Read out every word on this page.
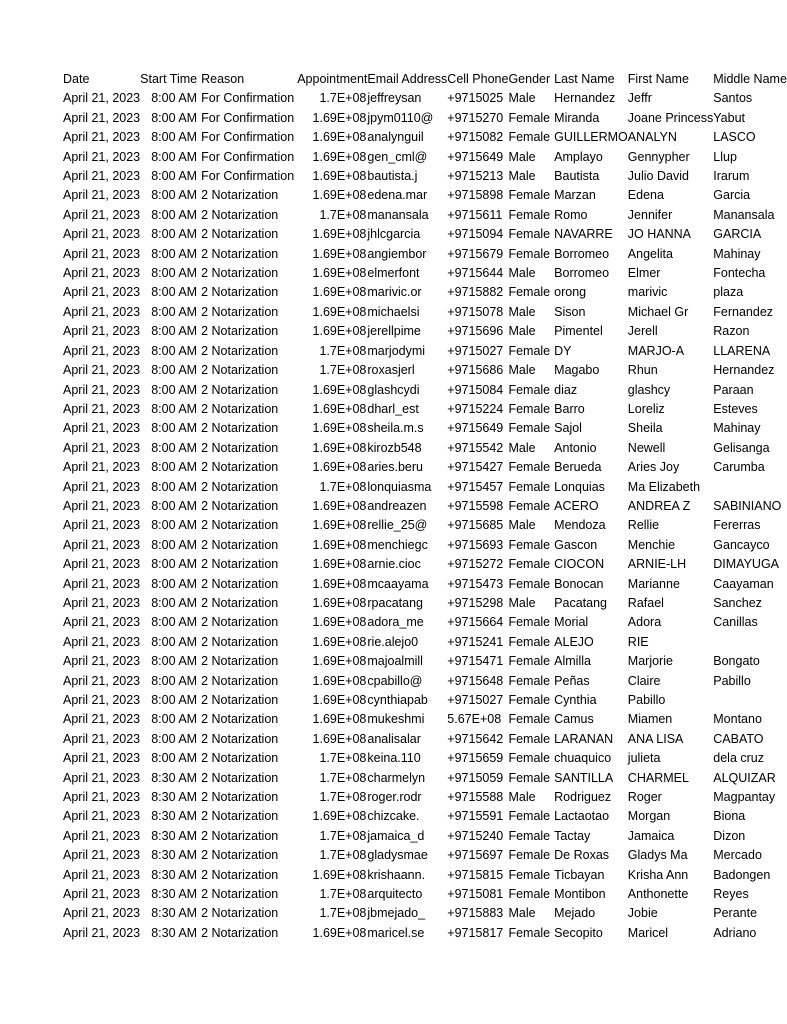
Date	Start Time	Reason	Appointment	Email Address	Cell Phone	Gender	Last Name	First Name	Middle Name
April 21, 2023	8:00 AM	For Confirmation	1.7E+08	jeffreysan	+9715025	Male	Hernandez	Jeffr	Santos
April 21, 2023	8:00 AM	For Confirmation	1.69E+08	jpym0110@	+9715270	Female	Miranda	Joane Princess	Yabut
April 21, 2023	8:00 AM	For Confirmation	1.69E+08	analynguil	+9715082	Female	GUILLERMO	ANALYN	LASCO
April 21, 2023	8:00 AM	For Confirmation	1.69E+08	gen_cml@	+9715649	Male	Amplayo	Gennypher	Llup
April 21, 2023	8:00 AM	For Confirmation	1.69E+08	bautista.j	+9715213	Male	Bautista	Julio David	Irarum
April 21, 2023	8:00 AM	2 Notarization	1.69E+08	edena.mar	+9715898	Female	Marzan	Edena	Garcia
April 21, 2023	8:00 AM	2 Notarization	1.7E+08	manansala	+9715611	Female	Romo	Jennifer	Manansala
April 21, 2023	8:00 AM	2 Notarization	1.69E+08	jhlcgarcia	+9715094	Female	NAVARRE	JO HANNA	GARCIA
April 21, 2023	8:00 AM	2 Notarization	1.69E+08	angiembor	+9715679	Female	Borromeo	Angelita	Mahinay
April 21, 2023	8:00 AM	2 Notarization	1.69E+08	elmerfont	+9715644	Male	Borromeo	Elmer	Fontecha
April 21, 2023	8:00 AM	2 Notarization	1.69E+08	marivic.or	+9715882	Female	orong	marivic	plaza
April 21, 2023	8:00 AM	2 Notarization	1.69E+08	michaelsi	+9715078	Male	Sison	Michael Gr	Fernandez
April 21, 2023	8:00 AM	2 Notarization	1.69E+08	jerellpime	+9715696	Male	Pimentel	Jerell	Razon
April 21, 2023	8:00 AM	2 Notarization	1.7E+08	marjodymi	+9715027	Female	DY	MARJO-A	LLARENA
April 21, 2023	8:00 AM	2 Notarization	1.7E+08	roxasjerl	+9715686	Male	Magabo	Rhun	Hernandez
April 21, 2023	8:00 AM	2 Notarization	1.69E+08	glashcydi	+9715084	Female	diaz	glashcy	Paraan
April 21, 2023	8:00 AM	2 Notarization	1.69E+08	dharl_est	+9715224	Female	Barro	Loreliz	Esteves
April 21, 2023	8:00 AM	2 Notarization	1.69E+08	sheila.m.s	+9715649	Female	Sajol	Sheila	Mahinay
April 21, 2023	8:00 AM	2 Notarization	1.69E+08	kirozb548	+9715542	Male	Antonio	Newell	Gelisanga
April 21, 2023	8:00 AM	2 Notarization	1.69E+08	aries.beru	+9715427	Female	Berueda	Aries Joy	Carumba
April 21, 2023	8:00 AM	2 Notarization	1.7E+08	lonquiasma	+9715457	Female	Lonquias	Ma Elizabeth	
April 21, 2023	8:00 AM	2 Notarization	1.69E+08	andreazen	+9715598	Female	ACERO	ANDREA Z	SABINIANO
April 21, 2023	8:00 AM	2 Notarization	1.69E+08	rellie_25@	+9715685	Male	Mendoza	Rellie	Fererras
April 21, 2023	8:00 AM	2 Notarization	1.69E+08	menchiegc	+9715693	Female	Gascon	Menchie	Gancayco
April 21, 2023	8:00 AM	2 Notarization	1.69E+08	arnie.cioc	+9715272	Female	CIOCON	ARNIE-LH	DIMAYUGA
April 21, 2023	8:00 AM	2 Notarization	1.69E+08	mcaayama	+9715473	Female	Bonocan	Marianne	Caayaman
April 21, 2023	8:00 AM	2 Notarization	1.69E+08	rpacatang	+9715298	Male	Pacatang	Rafael	Sanchez
April 21, 2023	8:00 AM	2 Notarization	1.69E+08	adora_me	+9715664	Female	Morial	Adora	Canillas
April 21, 2023	8:00 AM	2 Notarization	1.69E+08	rie.alejo0	+9715241	Female	ALEJO	RIE	
April 21, 2023	8:00 AM	2 Notarization	1.69E+08	majoalmill	+9715471	Female	Almilla	Marjorie	Bongato
April 21, 2023	8:00 AM	2 Notarization	1.69E+08	cpabillo@	+9715648	Female	Peñas	Claire	Pabillo
April 21, 2023	8:00 AM	2 Notarization	1.69E+08	cynthiapab	+9715027	Female	Cynthia	Pabillo	
April 21, 2023	8:00 AM	2 Notarization	1.69E+08	mukeshmi	5.67E+08	Female	Camus	Miamen	Montano
April 21, 2023	8:00 AM	2 Notarization	1.69E+08	analisalar	+9715642	Female	LARANAN	ANA LISA	CABATO
April 21, 2023	8:00 AM	2 Notarization	1.7E+08	keina.110	+9715659	Female	chuaquico	julieta	dela cruz
April 21, 2023	8:30 AM	2 Notarization	1.7E+08	charmelyn	+9715059	Female	SANTILLA	CHARMEL	ALQUIZAR
April 21, 2023	8:30 AM	2 Notarization	1.7E+08	roger.rodr	+9715588	Male	Rodriguez	Roger	Magpantay
April 21, 2023	8:30 AM	2 Notarization	1.69E+08	chizcake.	+9715591	Female	Lactaotao	Morgan	Biona
April 21, 2023	8:30 AM	2 Notarization	1.7E+08	jamaica_d	+9715240	Female	Tactay	Jamaica	Dizon
April 21, 2023	8:30 AM	2 Notarization	1.7E+08	gladysmae	+9715697	Female	De Roxas	Gladys Ma	Mercado
April 21, 2023	8:30 AM	2 Notarization	1.69E+08	krishaann.	+9715815	Female	Ticbayan	Krisha Ann	Badongen
April 21, 2023	8:30 AM	2 Notarization	1.7E+08	arquitecto	+9715081	Female	Montibon	Anthonette	Reyes
April 21, 2023	8:30 AM	2 Notarization	1.7E+08	jbmejado_	+9715883	Male	Mejado	Jobie	Perante
April 21, 2023	8:30 AM	2 Notarization	1.69E+08	maricel.se	+9715817	Female	Secopito	Maricel	Adriano
